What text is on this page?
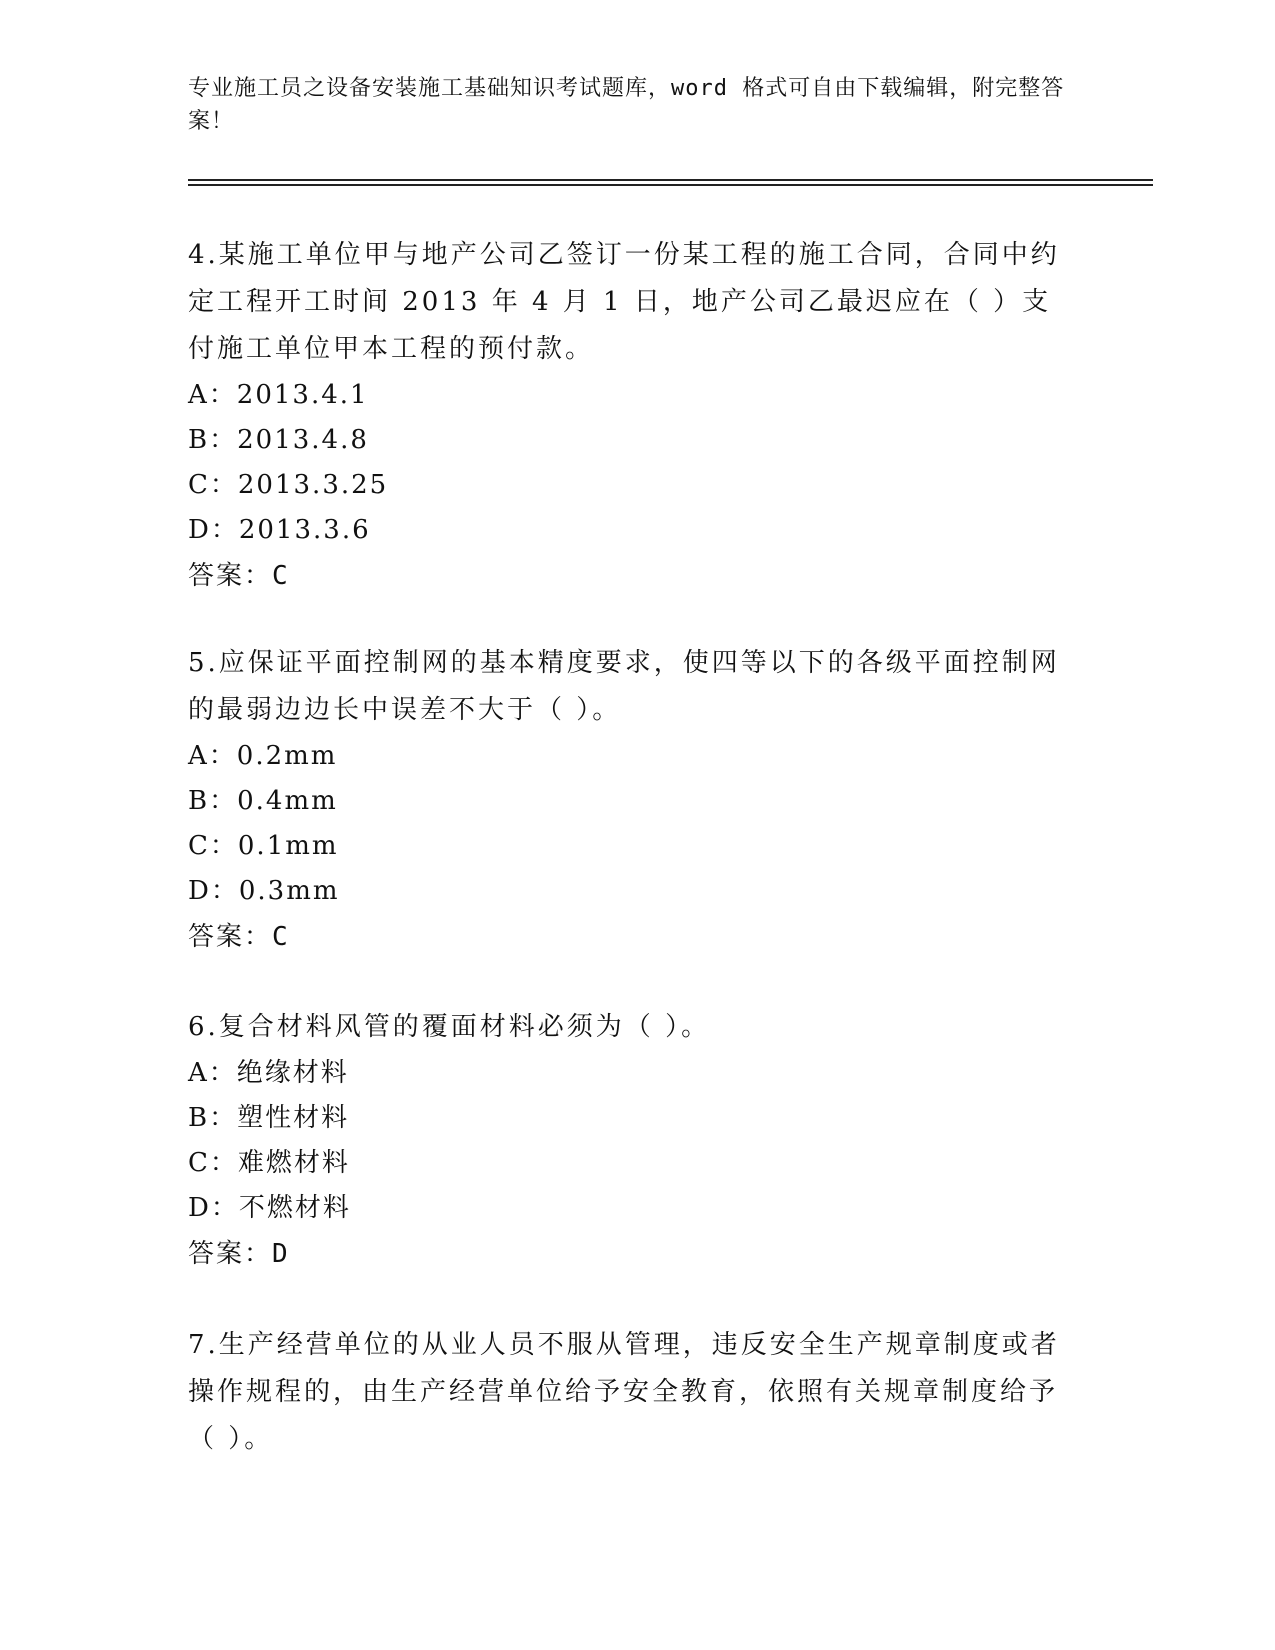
专业施工员之设备安装施工基础知识考试题库，word 格式可自由下载编辑，附完整答案！

4.某施工单位甲与地产公司乙签订一份某工程的施工合同，合同中约定工程开工时间 2013 年 4 月 1 日，地产公司乙最迟应在（ ）支付施工单位甲本工程的预付款。

A：2013.4.1

B：2013.4.8

C：2013.3.25

D：2013.3.6

答案：C

5.应保证平面控制网的基本精度要求，使四等以下的各级平面控制网的最弱边边长中误差不大于（ ）。

A：0.2mm

B：0.4mm

C：0.1mm

D：0.3mm

答案：C

6.复合材料风管的覆面材料必须为（ ）。

A：绝缘材料

B：塑性材料

C：难燃材料

D：不燃材料

答案：D

7.生产经营单位的从业人员不服从管理，违反安全生产规章制度或者操作规程的，由生产经营单位给予安全教育，依照有关规章制度给予（ ）。
